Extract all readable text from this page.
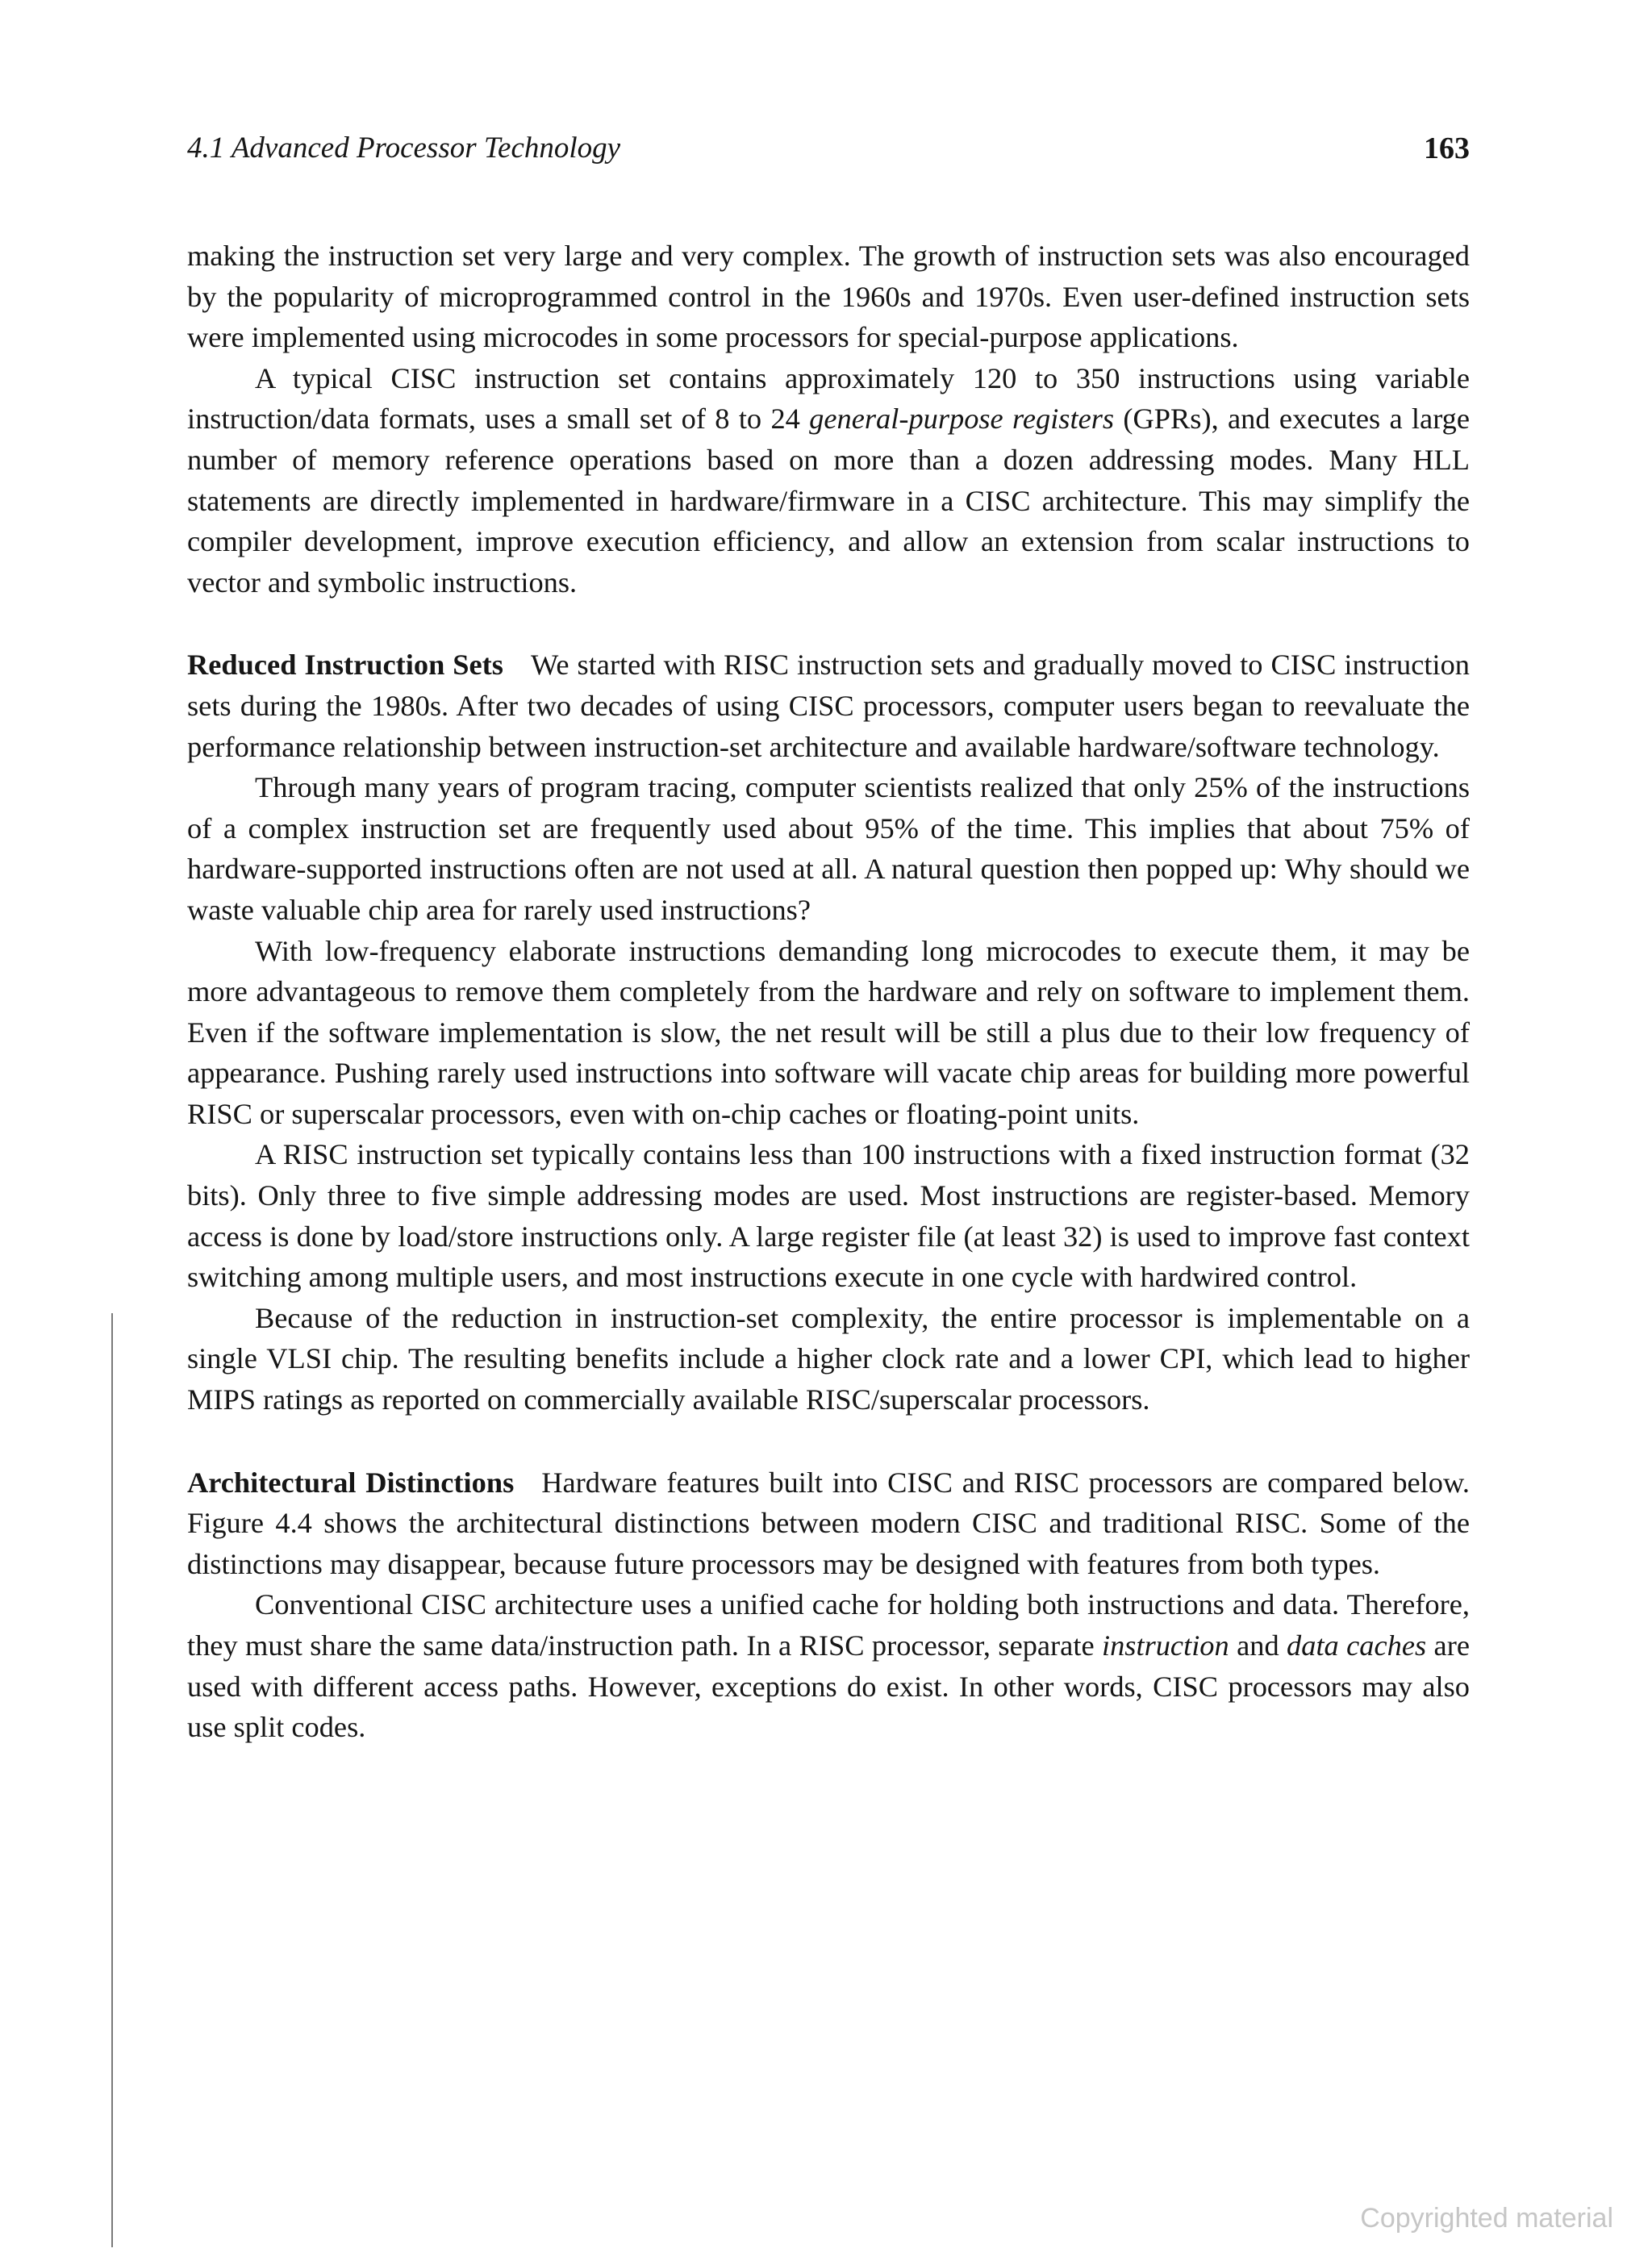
4.1 Advanced Processor Technology	163

making the instruction set very large and very complex. The growth of instruction sets was also encouraged by the popularity of microprogrammed control in the 1960s and 1970s. Even user-defined instruction sets were implemented using microcodes in some processors for special-purpose applications.

A typical CISC instruction set contains approximately 120 to 350 instructions using variable instruction/data formats, uses a small set of 8 to 24 general-purpose registers (GPRs), and executes a large number of memory reference operations based on more than a dozen addressing modes. Many HLL statements are directly implemented in hardware/firmware in a CISC architecture. This may simplify the compiler development, improve execution efficiency, and allow an extension from scalar instructions to vector and symbolic instructions.

Reduced Instruction Sets We started with RISC instruction sets and gradually moved to CISC instruction sets during the 1980s. After two decades of using CISC processors, computer users began to reevaluate the performance relationship between instruction-set architecture and available hardware/software technology.

Through many years of program tracing, computer scientists realized that only 25% of the instructions of a complex instruction set are frequently used about 95% of the time. This implies that about 75% of hardware-supported instructions often are not used at all. A natural question then popped up: Why should we waste valuable chip area for rarely used instructions?

With low-frequency elaborate instructions demanding long microcodes to execute them, it may be more advantageous to remove them completely from the hardware and rely on software to implement them. Even if the software implementation is slow, the net result will be still a plus due to their low frequency of appearance. Pushing rarely used instructions into software will vacate chip areas for building more powerful RISC or superscalar processors, even with on-chip caches or floating-point units.

A RISC instruction set typically contains less than 100 instructions with a fixed instruction format (32 bits). Only three to five simple addressing modes are used. Most instructions are register-based. Memory access is done by load/store instructions only. A large register file (at least 32) is used to improve fast context switching among multiple users, and most instructions execute in one cycle with hardwired control.

Because of the reduction in instruction-set complexity, the entire processor is implementable on a single VLSI chip. The resulting benefits include a higher clock rate and a lower CPI, which lead to higher MIPS ratings as reported on commercially available RISC/superscalar processors.

Architectural Distinctions Hardware features built into CISC and RISC processors are compared below. Figure 4.4 shows the architectural distinctions between modern CISC and traditional RISC. Some of the distinctions may disappear, because future processors may be designed with features from both types.

Conventional CISC architecture uses a unified cache for holding both instructions and data. Therefore, they must share the same data/instruction path. In a RISC processor, separate instruction and data caches are used with different access paths. However, exceptions do exist. In other words, CISC processors may also use split codes.

Copyrighted material
